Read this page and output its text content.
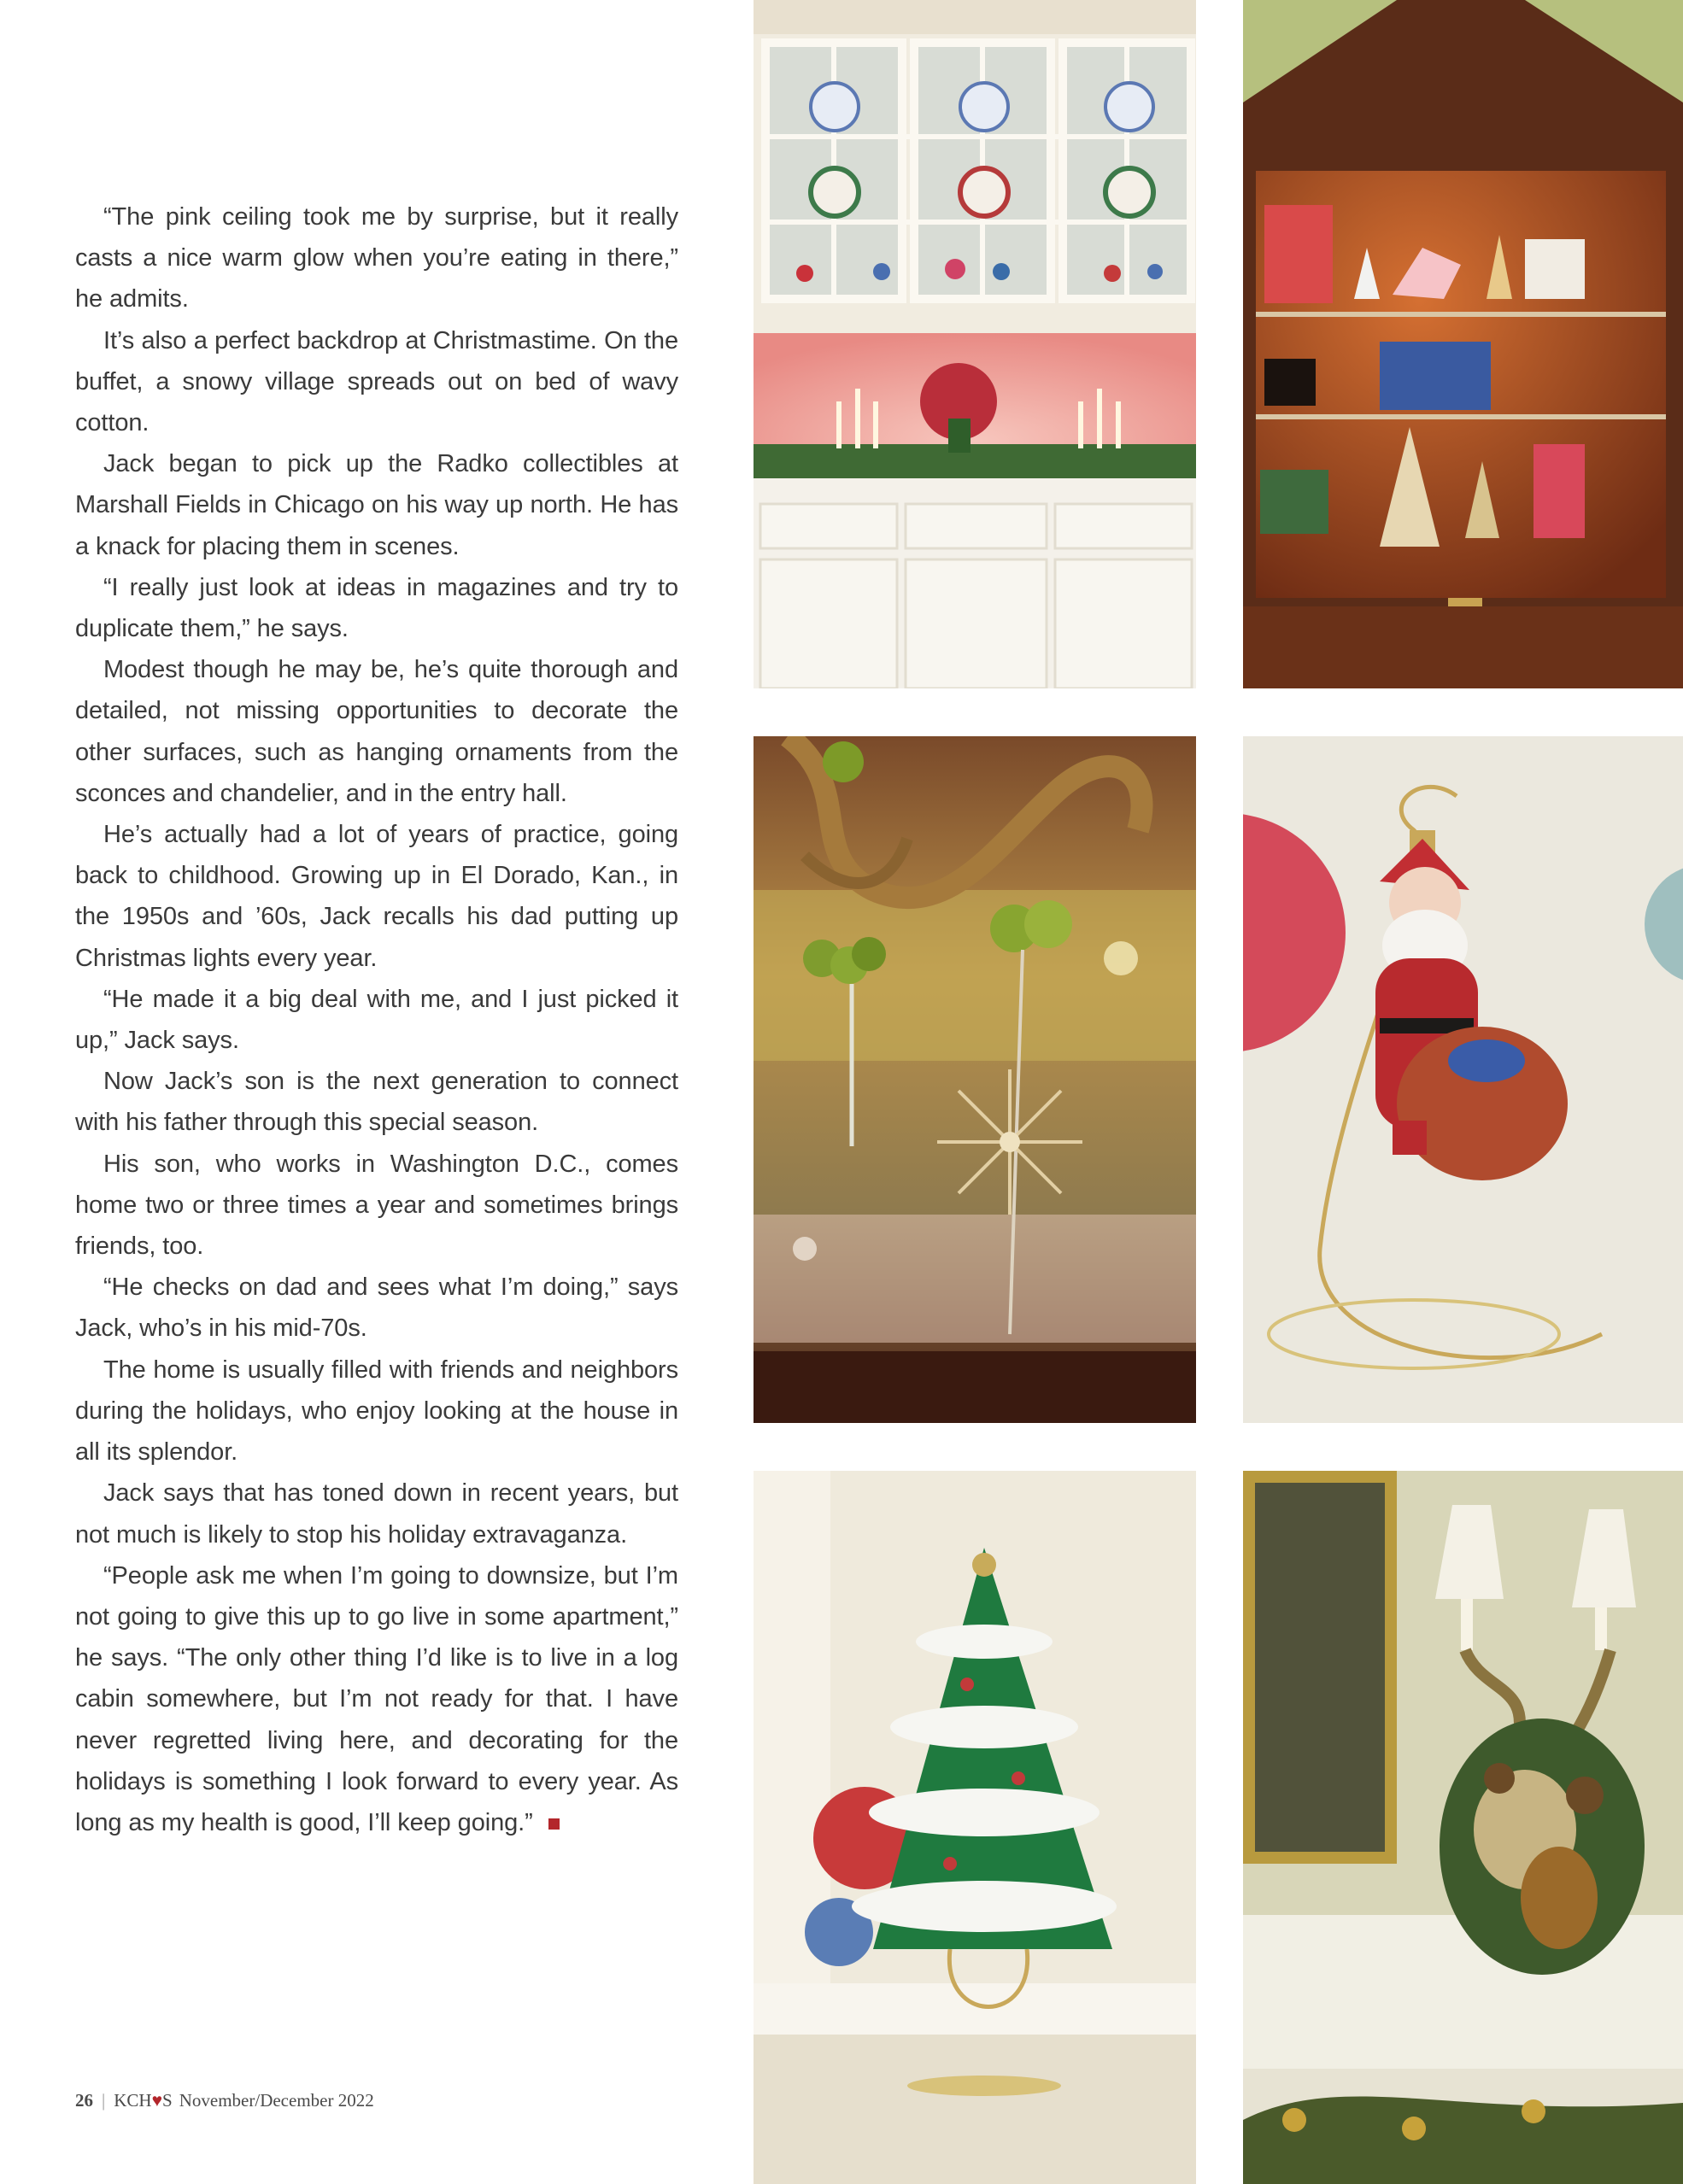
“The pink ceiling took me by surprise, but it really casts a nice warm glow when you’re eating in there,” he admits.

It’s also a perfect backdrop at Christmastime. On the buffet, a snowy village spreads out on bed of wavy cotton.

Jack began to pick up the Radko collectibles at Marshall Fields in Chicago on his way up north. He has a knack for placing them in scenes.

“I really just look at ideas in magazines and try to duplicate them,” he says.

Modest though he may be, he’s quite thorough and detailed, not missing opportunities to decorate the other surfaces, such as hanging ornaments from the sconces and chandelier, and in the entry hall.

He’s actually had a lot of years of practice, going back to childhood. Growing up in El Dorado, Kan., in the 1950s and ’60s, Jack recalls his dad putting up Christmas lights every year.

“He made it a big deal with me, and I just picked it up,” Jack says.

Now Jack’s son is the next generation to connect with his father through this special season.

His son, who works in Washington D.C., comes home two or three times a year and sometimes brings friends, too.

“He checks on dad and sees what I’m doing,” says Jack, who’s in his mid-70s.

The home is usually filled with friends and neighbors during the holidays, who enjoy looking at the house in all its splendor.

Jack says that has toned down in recent years, but not much is likely to stop his holiday extravaganza.

“People ask me when I’m going to downsize, but I’m not going to give this up to go live in some apartment,” he says. “The only other thing I’d like is to live in a log cabin somewhere, but I’m not ready for that. I have never regretted living here, and decorating for the holidays is something I look forward to every year. As long as my health is good, I’ll keep going.”

26 | KCH♥S November/December 2022
